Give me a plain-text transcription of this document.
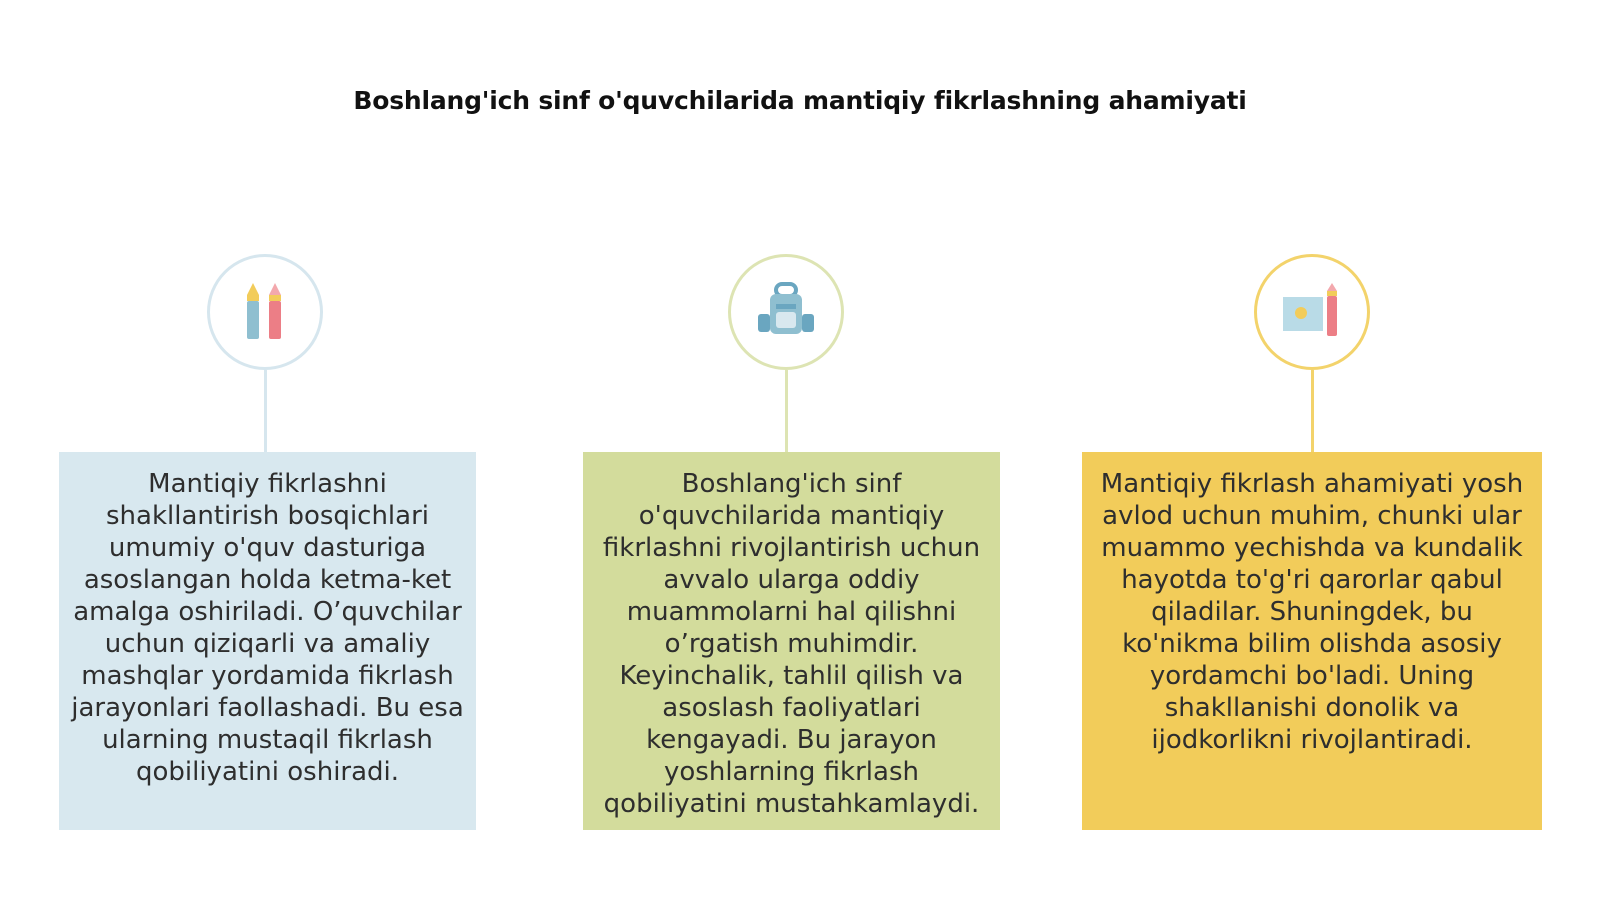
Boshlang'ich sinf o'quvchilarida mantiqiy fikrlashning ahamiyati
Mantiqiy fikrlashni shakllantirish bosqichlari umumiy o'quv dasturiga asoslangan holda ketma-ket amalga oshiriladi. O’quvchilar uchun qiziqarli va amaliy mashqlar yordamida fikrlash jarayonlari faollashadi. Bu esa ularning mustaqil fikrlash qobiliyatini oshiradi.
Boshlang'ich sinf o'quvchilarida mantiqiy fikrlashni rivojlantirish uchun avvalo ularga oddiy muammolarni hal qilishni o’rgatish muhimdir. Keyinchalik, tahlil qilish va asoslash faoliyatlari kengayadi. Bu jarayon yoshlarning fikrlash qobiliyatini mustahkamlaydi.
Mantiqiy fikrlash ahamiyati yosh avlod uchun muhim, chunki ular muammo yechishda va kundalik hayotda to'g'ri qarorlar qabul qiladilar. Shuningdek, bu ko'nikma bilim olishda asosiy yordamchi bo'ladi. Uning shakllanishi donolik va ijodkorlikni rivojlantiradi.
